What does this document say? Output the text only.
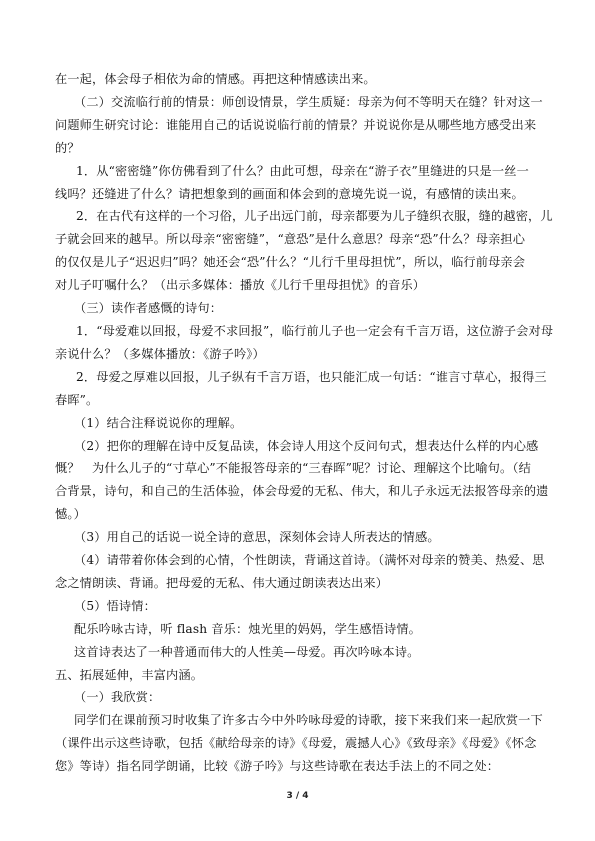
在一起，体会母子相依为命的情感。再把这种情感读出来。
（二）交流临行前的情景：师创设情景，学生质疑：母亲为何不等明天在缝？针对这一
问题师生研究讨论：谁能用自己的话说说临行前的情景？并说说你是从哪些地方感受出来
的？
1．从“密密缝”你仿佛看到了什么？由此可想，母亲在“游子衣”里缝进的只是一丝一
线吗？还缝进了什么？请把想象到的画面和体会到的意境先说一说，有感情的读出来。
2．在古代有这样的一个习俗，儿子出远门前，母亲都要为儿子缝织衣服，缝的越密，儿
子就会回来的越早。所以母亲“密密缝”，“意恐”是什么意思？母亲“恐”什么？母亲担心
的仅仅是儿子“迟迟归”吗？她还会“恐”什么？“儿行千里母担忧”，所以，临行前母亲会
对儿子叮嘱什么？（出示多媒体：播放《儿行千里母担忧》的音乐）
（三）读作者感慨的诗句：
1．“母爱难以回报，母爱不求回报”，临行前儿子也一定会有千言万语，这位游子会对母
亲说什么？（多媒体播放：《游子吟》）
2．母爱之厚难以回报，儿子纵有千言万语，也只能汇成一句话：“谁言寸草心，报得三
春晖”。
（1）结合注释说说你的理解。
（2）把你的理解在诗中反复品读，体会诗人用这个反问句式，想表达什么样的内心感
慨？　为什么儿子的“寸草心”不能报答母亲的“三春晖”呢？讨论、理解这个比喻句。（结
合背景，诗句，和自己的生活体验，体会母爱的无私、伟大，和儿子永远无法报答母亲的遗
憾。）
（3）用自己的话说一说全诗的意思，深刻体会诗人所表达的情感。
（4）请带着你体会到的心情，个性朗读，背诵这首诗。（满怀对母亲的赞美、热爱、思
念之情朗读、背诵。把母爱的无私、伟大通过朗读表达出来）
（5）悟诗情：
配乐吟咏古诗，听 flash 音乐：烛光里的妈妈，学生感悟诗情。
这首诗表达了一种普通而伟大的人性美—母爱。再次吟咏本诗。
五、拓展延伸，丰富内涵。
（一）我欣赏：
同学们在课前预习时收集了许多古今中外吟咏母爱的诗歌，接下来我们来一起欣赏一下
（课件出示这些诗歌，包括《献给母亲的诗》《母爱，震撼人心》《致母亲》《母爱》《怀念
您》等诗）指名同学朗诵，比较《游子吟》与这些诗歌在表达手法上的不同之处：
3 / 4
